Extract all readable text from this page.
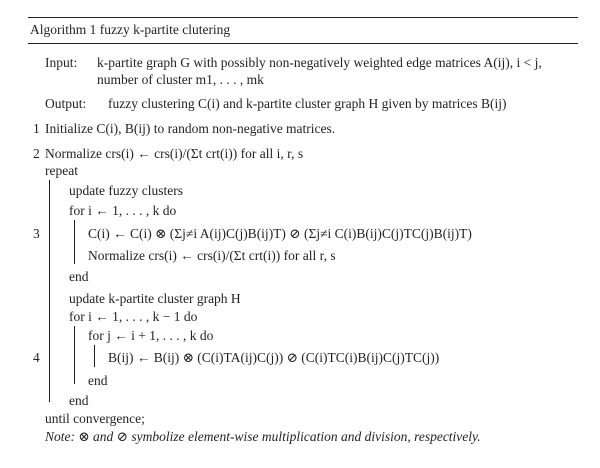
Algorithm 1 fuzzy k-partite clutering
Input: k-partite graph G with possibly non-negatively weighted edge matrices A(ij), i < j,
number of cluster m1, . . . , mk
Output: fuzzy clustering C(i) and k-partite cluster graph H given by matrices B(ij)
1
2
3
4
Initialize C(i), B(ij) to random non-negative matrices.
Normalize crs(i) ← crs(i)/(Σt crt(i)) for all i, r, s
repeat
update fuzzy clusters
for i ← 1, . . . , k do
C(i) ← C(i) ⊗ (Σj≠i A(ij)C(j)B(ij)T) ⊘ (Σj≠i C(i)B(ij)C(j)TC(j)B(ij)T)
Normalize crs(i) ← crs(i)/(Σt crt(i)) for all r, s
end
update k-partite cluster graph H
for i ← 1, . . . , k − 1 do
for j ← i + 1, . . . , k do
B(ij) ← B(ij) ⊗ (C(i)TA(ij)C(j)) ⊘ (C(i)TC(i)B(ij)C(j)TC(j))
end
end
until convergence;
Note: ⊗ and ⊘ symbolize element-wise multiplication and division, respectively.
